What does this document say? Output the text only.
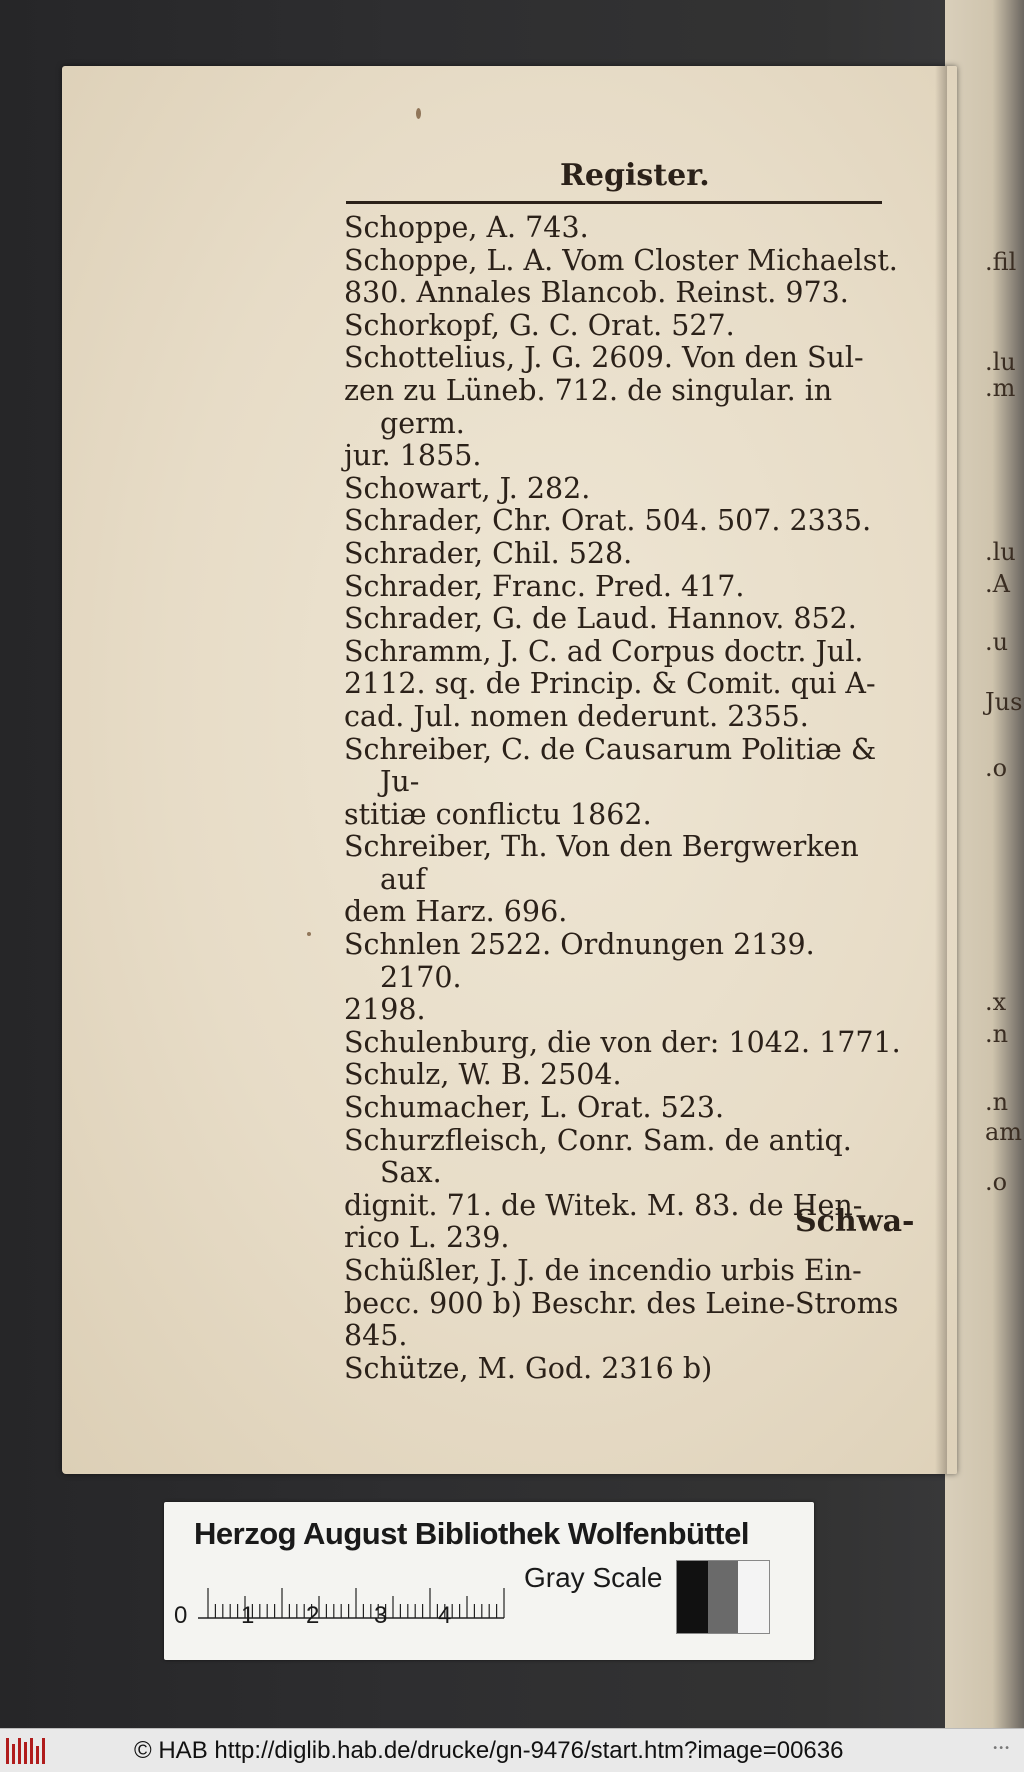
Register.
Schoppe, A. 743.
Schoppe, L. A. Vom Closter Michaelst.
830. Annales Blancob. Reinst. 973.
Schorkopf, G. C. Orat. 527.
Schottelius, J. G. 2609. Von den Sul-
zen zu Lüneb. 712. de singular. in germ.
jur. 1855.
Schowart, J. 282.
Schrader, Chr. Orat. 504. 507. 2335.
Schrader, Chil. 528.
Schrader, Franc. Pred. 417.
Schrader, G. de Laud. Hannov. 852.
Schramm, J. C. ad Corpus doctr. Jul.
2112. sq. de Princip. & Comit. qui A-
cad. Jul. nomen dederunt. 2355.
Schreiber, C. de Causarum Politiæ & Ju-
stitiæ conflictu 1862.
Schreiber, Th. Von den Bergwerken auf
dem Harz. 696.
Schnlen 2522. Ordnungen 2139. 2170.
2198.
Schulenburg, die von der: 1042. 1771.
Schulz, W. B. 2504.
Schumacher, L. Orat. 523.
Schurzfleisch, Conr. Sam. de antiq. Sax.
dignit. 71. de Witek. M. 83. de Hen-
rico L. 239.
Schüßler, J. J. de incendio urbis Ein-
becc. 900 b) Beschr. des Leine-Stroms
845.
Schütze, M. God. 2316 b)
Schwa-
Herzog August Bibliothek Wolfenbüttel
Gray Scale
0 1 2 3 4
© HAB http://diglib.hab.de/drucke/gn-9476/start.htm?image=00636	•••
